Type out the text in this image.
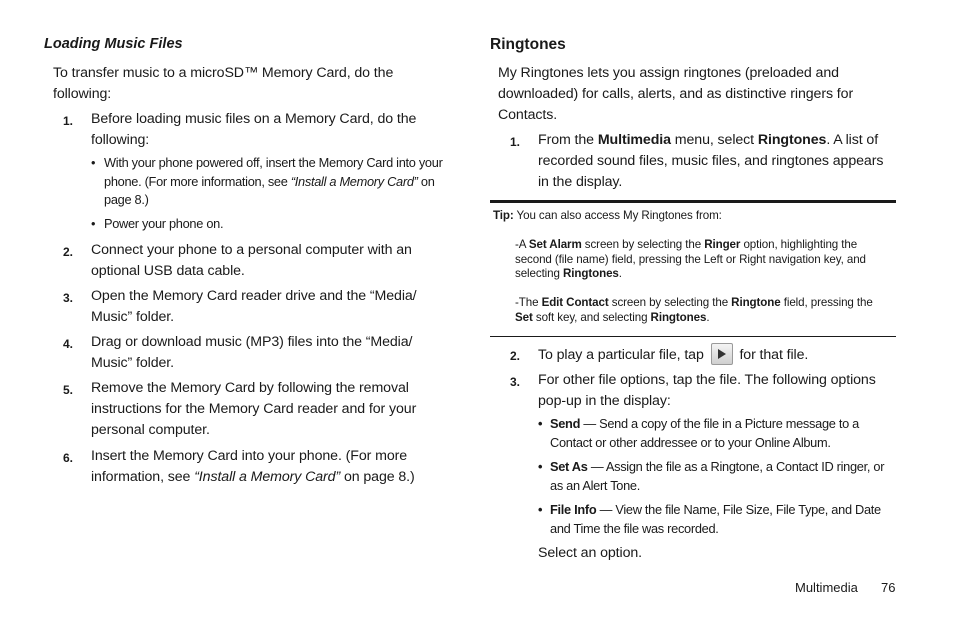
Loading Music Files
To transfer music to a microSD™ Memory Card, do the following:
1. Before loading music files on a Memory Card, do the following:
• With your phone powered off, insert the Memory Card into your phone. (For more information, see “Install a Memory Card” on page 8.)
• Power your phone on.
2. Connect your phone to a personal computer with an optional USB data cable.
3. Open the Memory Card reader drive and the “Media/ Music” folder.
4. Drag or download music (MP3) files into the “Media/ Music” folder.
5. Remove the Memory Card by following the removal instructions for the Memory Card reader and for your personal computer.
6. Insert the Memory Card into your phone. (For more information, see “Install a Memory Card” on page 8.)
Ringtones
My Ringtones lets you assign ringtones (preloaded and downloaded) for calls, alerts, and as distinctive ringers for Contacts.
1. From the Multimedia menu, select Ringtones. A list of recorded sound files, music files, and ringtones appears in the display.
Tip: You can also access My Ringtones from:
-A Set Alarm screen by selecting the Ringer option, highlighting the second (file name) field, pressing the Left or Right navigation key, and selecting Ringtones.
-The Edit Contact screen by selecting the Ringtone field, pressing the Set soft key, and selecting Ringtones.
2. To play a particular file, tap	for that file.
3. For other file options, tap the file. The following options pop-up in the display:
• Send — Send a copy of the file in a Picture message to a Contact or other addressee or to your Online Album.
• Set As — Assign the file as a Ringtone, a Contact ID ringer, or as an Alert Tone.
• File Info — View the file Name, File Size, File Type, and Date and Time the file was recorded.
Select an option.
Multimedia 76
